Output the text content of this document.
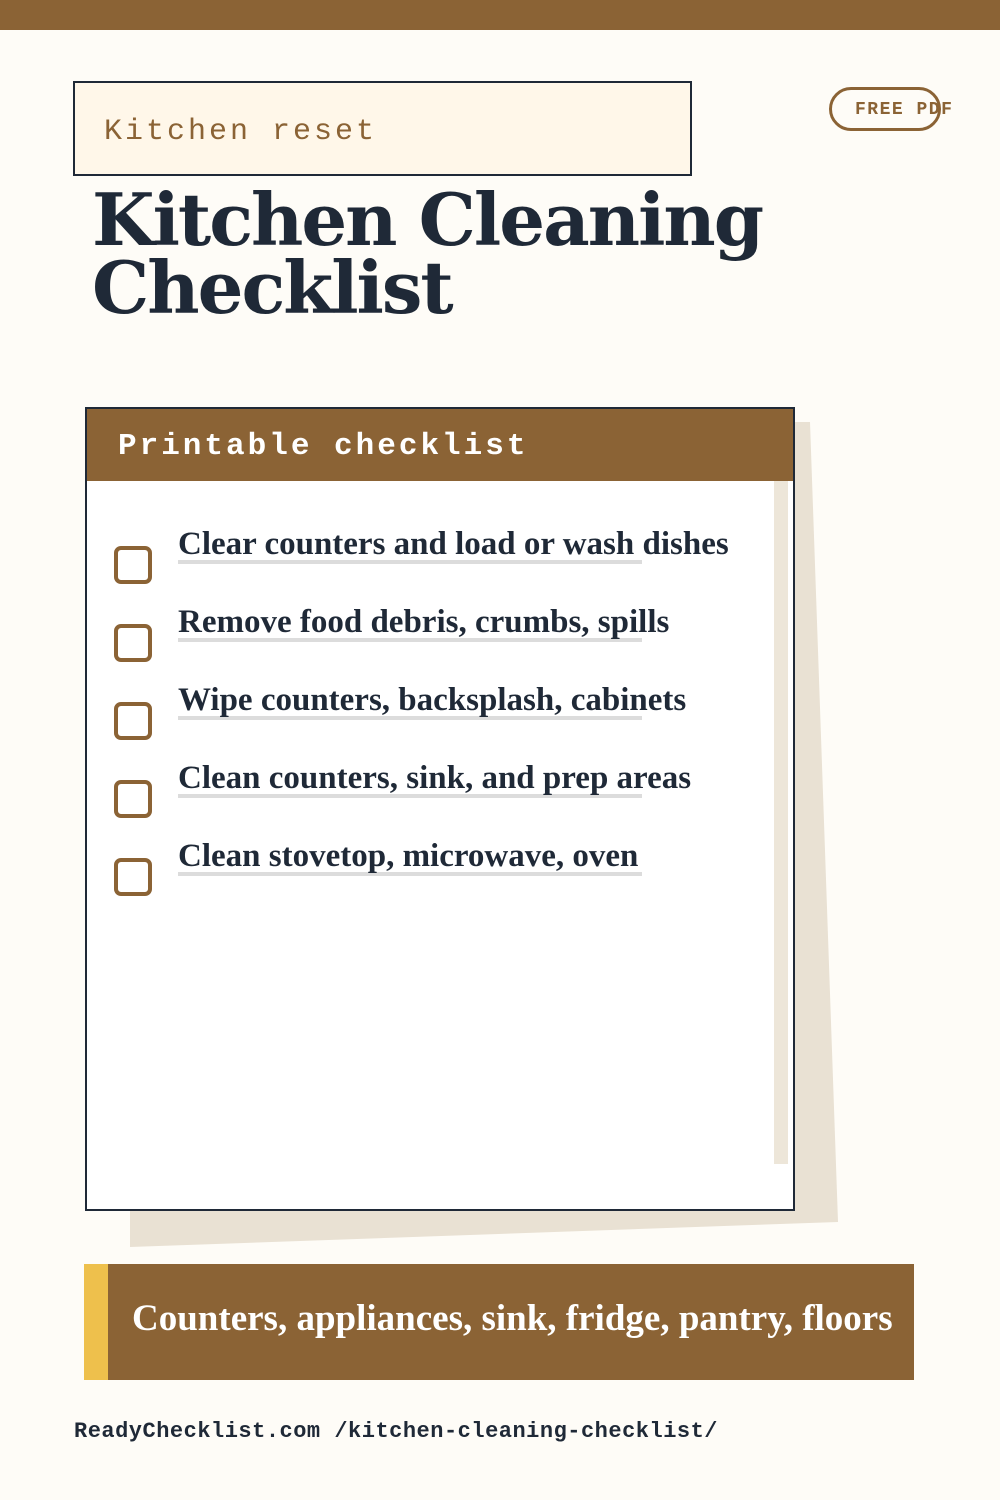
Kitchen reset
FREE PDF
Kitchen Cleaning
Checklist
Printable checklist
Clear counters and load or wash dishes
Remove food debris, crumbs, spills
Wipe counters, backsplash, cabinets
Clean counters, sink, and prep areas
Clean stovetop, microwave, oven
Counters, appliances, sink, fridge, pantry, floors
ReadyChecklist.com /kitchen-cleaning-checklist/
